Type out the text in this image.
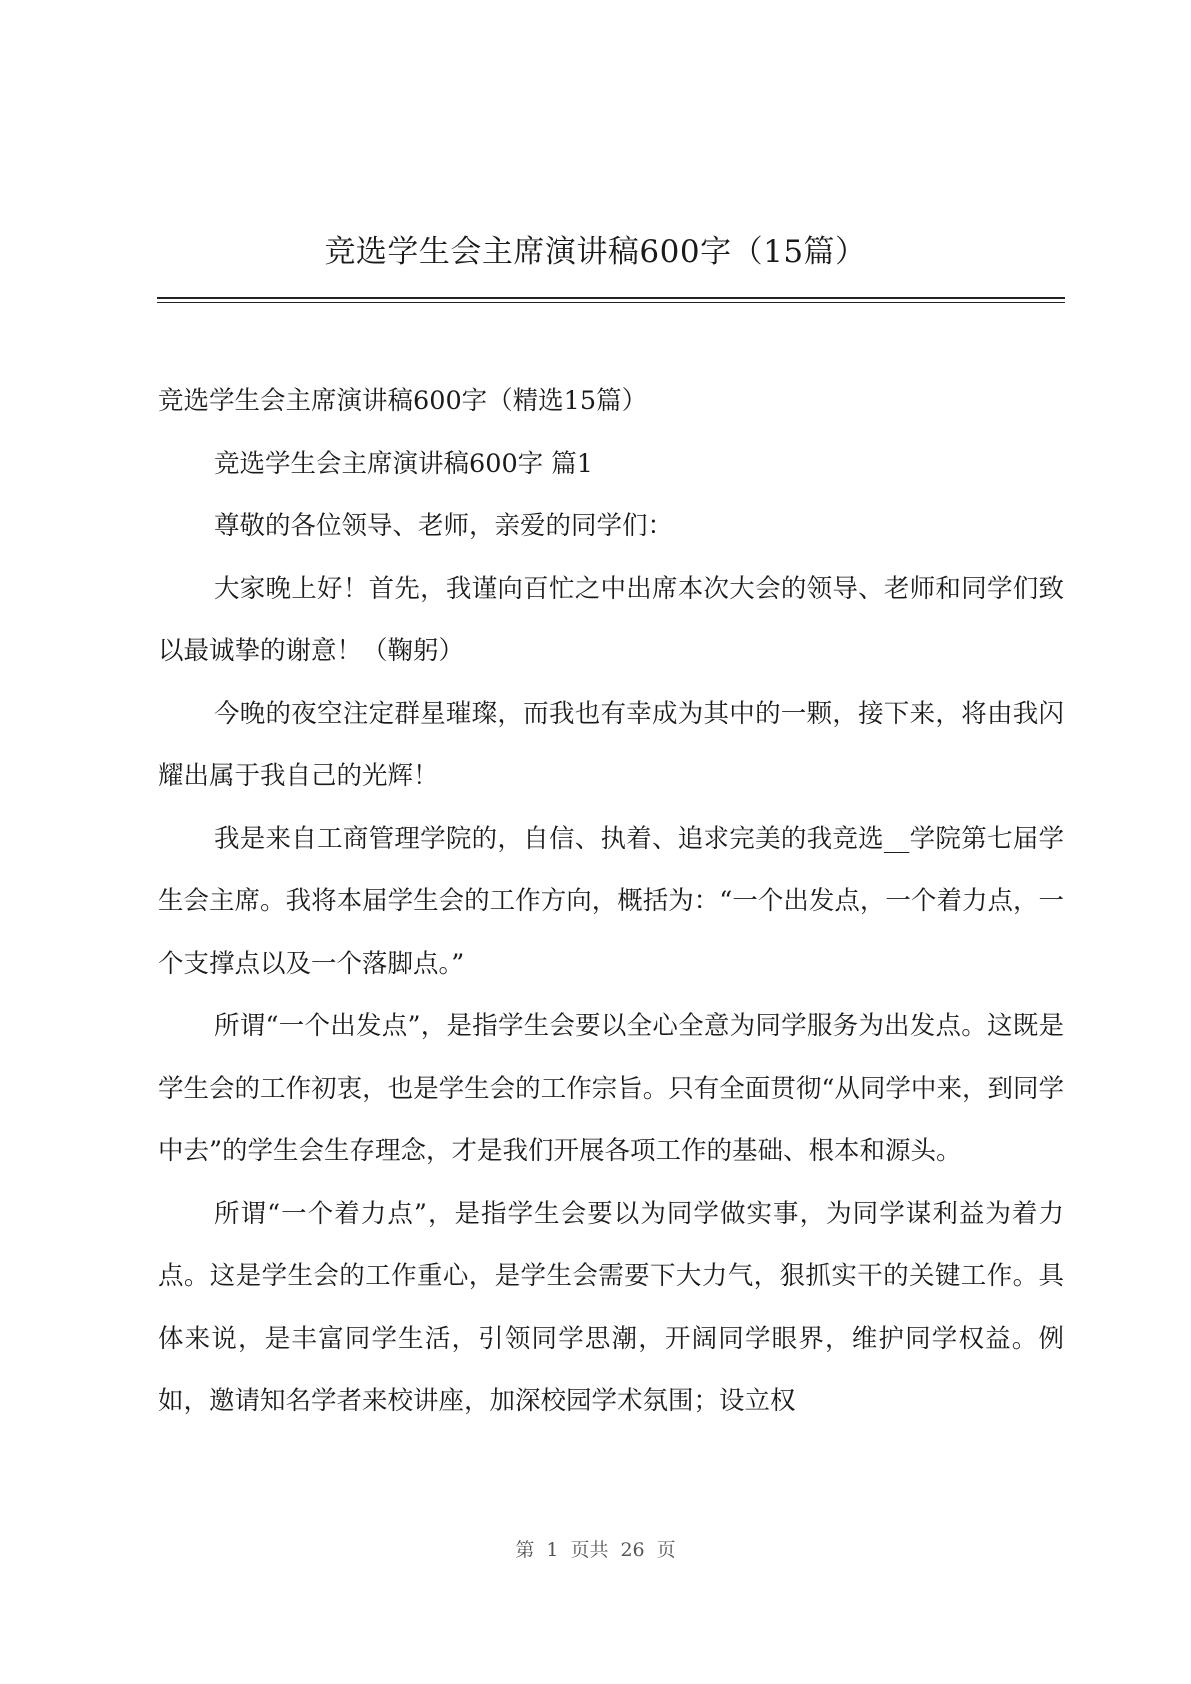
竞选学生会主席演讲稿600字（15篇）

竞选学生会主席演讲稿600字（精选15篇）

竞选学生会主席演讲稿600字 篇1

尊敬的各位领导、老师，亲爱的同学们：

大家晚上好！首先，我谨向百忙之中出席本次大会的领导、老师和同学们致以最诚挚的谢意！（鞠躬）

今晚的夜空注定群星璀璨，而我也有幸成为其中的一颗，接下来，将由我闪耀出属于我自己的光辉！

我是来自工商管理学院的，自信、执着、追求完美的我竞选__学院第七届学生会主席。我将本届学生会的工作方向，概括为：“一个出发点，一个着力点，一个支撑点以及一个落脚点。”

所谓“一个出发点”，是指学生会要以全心全意为同学服务为出发点。这既是学生会的工作初衷，也是学生会的工作宗旨。只有全面贯彻“从同学中来，到同学中去”的学生会生存理念，才是我们开展各项工作的基础、根本和源头。

所谓“一个着力点”，是指学生会要以为同学做实事，为同学谋利益为着力点。这是学生会的工作重心，是学生会需要下大力气，狠抓实干的关键工作。具体来说，是丰富同学生活，引领同学思潮，开阔同学眼界，维护同学权益。例如，邀请知名学者来校讲座，加深校园学术氛围；设立权

第 1 页共 26 页
